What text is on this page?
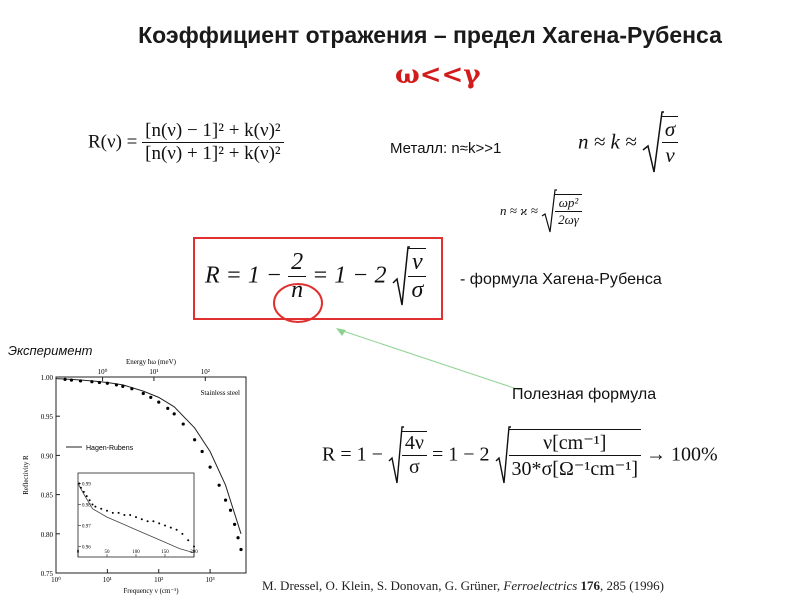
Коэффициент отражения – предел Хагена-Рубенса
ω<<γ
$R(\nu) = \frac{\text{[n(ν) − 1]² + k(ν)²}}{\text{[n(ν) + 1]² + k(ν)²}}$	Металл: n≈k>>1	$n \approx k \approx \frac{\sigma}{\nu}$
$n \approx ϰ \approx \frac{\text{ωp²}}{2\omega\gamma}$
$R = 1 - \frac{2}{n} = 1 - 2 \frac{\nu}{\sigma}$ - формула Хагена-Рубенса
Полезная формула
$R = 1 - \frac{4\nu}{\sigma} = 1 - 2 \frac{\text{ν[cm⁻¹]}}{\text{30*σ[Ω⁻¹cm⁻¹]}} \to 100\%$
Эксперимент
1.00
0.95
0.90
0.85
0.80
0.75
10⁰	10¹	10²	10³
10⁰	10¹	10²
Energy ħω (meV)
Frequency ν (cm⁻¹)
Reflectivity R
Stainless steel
Hagen-Rubens
0.99
0.98
0.97
0.96
0	50	100	150	200
M. Dressel, O. Klein, S. Donovan, G. Grüner, Ferroelectrics 176, 285 (1996)
